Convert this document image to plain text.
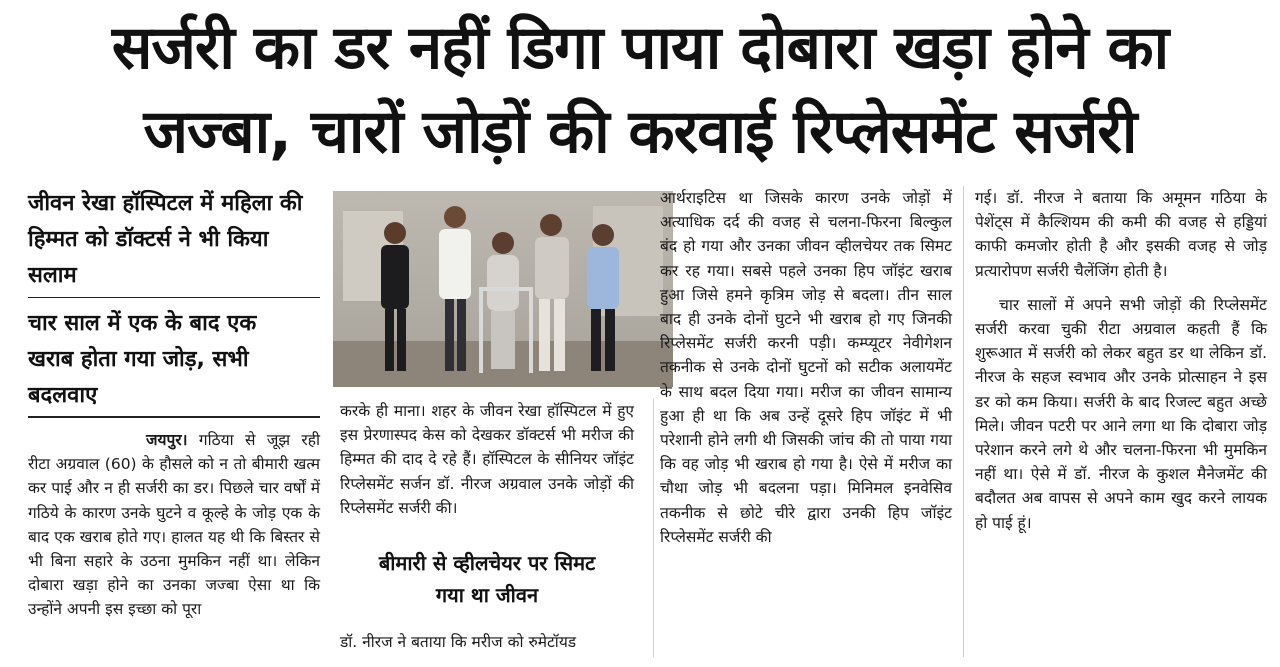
सर्जरी का डर नहीं डिगा पाया दोबारा खड़ा होने का
जज्बा, चारों जोड़ों की करवाई रिप्लेसमेंट सर्जरी
जीवन रेखा हॉस्पिटल में महिला की
हिम्मत को डॉक्टर्स ने भी किया
सलाम
चार साल में एक के बाद एक
खराब होता गया जोड़, सभी
बदलवाए

जयपुर। गठिया से जूझ रही रीटा अग्रवाल (60) के हौसले को न तो बीमारी खत्म कर पाई और न ही सर्जरी का डर। पिछले चार वर्षों में गठिये के कारण उनके घुटने व कूल्हे के जोड़ एक के बाद एक खराब होते गए। हालत यह थी कि बिस्तर से भी बिना सहारे के उठना मुमकिन नहीं था। लेकिन दोबारा खड़ा होने का उनका जज्बा ऐसा था कि उन्होंने अपनी इस इच्छा को पूरा

करके ही माना। शहर के जीवन रेखा हॉस्पिटल में हुए इस प्रेरणास्पद केस को देखकर डॉक्टर्स भी मरीज की हिम्मत की दाद दे रहे हैं। हॉस्पिटल के सीनियर जॉइंट रिप्लेसमेंट सर्जन डॉ. नीरज अग्रवाल उनके जोड़ों की रिप्लेसमेंट सर्जरी की।

बीमारी से व्हीलचेयर पर सिमट
गया था जीवन

डॉ. नीरज ने बताया कि मरीज को रुमेटॉयड

आर्थराइटिस था जिसके कारण उनके जोड़ों में अत्याधिक दर्द की वजह से चलना-फिरना बिल्कुल बंद हो गया और उनका जीवन व्हीलचेयर तक सिमट कर रह गया। सबसे पहले उनका हिप जॉइंट खराब हुआ जिसे हमने कृत्रिम जोड़ से बदला। तीन साल बाद ही उनके दोनों घुटने भी खराब हो गए जिनकी रिप्लेसमेंट सर्जरी करनी पड़ी। कम्प्यूटर नेवीगेशन तकनीक से उनके दोनों घुटनों को सटीक अलायमेंट के साथ बदल दिया गया। मरीज का जीवन सामान्य हुआ ही था कि अब उन्हें दूसरे हिप जॉइंट में भी परेशानी होने लगी थी जिसकी जांच की तो पाया गया कि वह जोड़ भी खराब हो गया है। ऐसे में मरीज का चौथा जोड़ भी बदलना पड़ा। मिनिमल इनवेसिव तकनीक से छोटे चीरे द्वारा उनकी हिप जॉइंट रिप्लेसमेंट सर्जरी की

गई। डॉ. नीरज ने बताया कि अमूमन गठिया के पेशेंट्स में कैल्शियम की कमी की वजह से हड्डियां काफी कमजोर होती है और इसकी वजह से जोड़ प्रत्यारोपण सर्जरी चैलेंजिंग होती है।

चार सालों में अपने सभी जोड़ों की रिप्लेसमेंट सर्जरी करवा चुकी रीटा अग्रवाल कहती हैं कि शुरूआत में सर्जरी को लेकर बहुत डर था लेकिन डॉ. नीरज के सहज स्वभाव और उनके प्रोत्साहन ने इस डर को कम किया। सर्जरी के बाद रिजल्ट बहुत अच्छे मिले। जीवन पटरी पर आने लगा था कि दोबारा जोड़ परेशान करने लगे थे और चलना-फिरना भी मुमकिन नहीं था। ऐसे में डॉ. नीरज के कुशल मैनेजमेंट की बदौलत अब वापस से अपने काम खुद करने लायक हो पाई हूं।
